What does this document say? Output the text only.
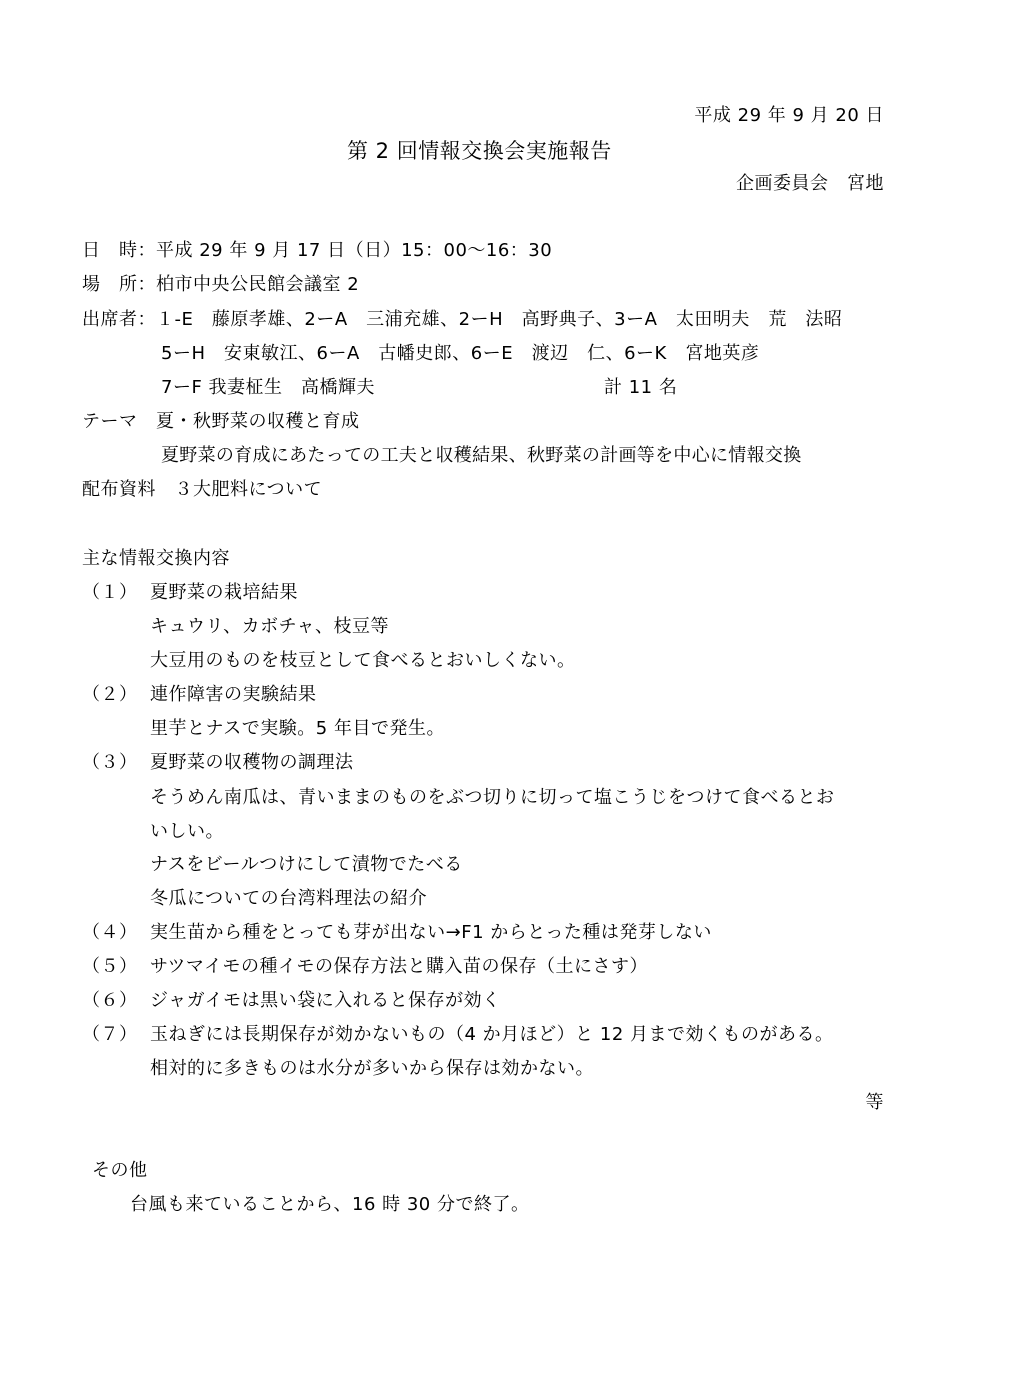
平成 29 年 9 月 20 日
第 2 回情報交換会実施報告
企画委員会　宮地
日　時：平成 29 年 9 月 17 日（日）15：00～16：30
場　所：柏市中央公民館会議室 2
出席者：１-E　藤原孝雄、2ーA　三浦充雄、2ーH　高野典子、3ーA　太田明夫　荒　法昭
5ーH　安東敏江、6ーA　古幡史郎、6ーE　渡辺　仁、6ーK　宮地英彦
7ーF 我妻柾生　高橋輝夫	計 11 名
テーマ　夏・秋野菜の収穫と育成
夏野菜の育成にあたっての工夫と収穫結果、秋野菜の計画等を中心に情報交換
配布資料　３大肥料について
主な情報交換内容
（１） 夏野菜の栽培結果
キュウリ、カボチャ、枝豆等
大豆用のものを枝豆として食べるとおいしくない。
（２） 連作障害の実験結果
里芋とナスで実験。5 年目で発生。
（３） 夏野菜の収穫物の調理法
そうめん南瓜は、青いままのものをぶつ切りに切って塩こうじをつけて食べるとお
いしい。
ナスをビールつけにして漬物でたべる
冬瓜についての台湾料理法の紹介
（４） 実生苗から種をとっても芽が出ない→F1 からとった種は発芽しない
（５） サツマイモの種イモの保存方法と購入苗の保存（土にさす）
（６） ジャガイモは黒い袋に入れると保存が効く
（７） 玉ねぎには長期保存が効かないもの（4 か月ほど）と 12 月まで効くものがある。
相対的に多きものは水分が多いから保存は効かない。
等
その他
台風も来ていることから、16 時 30 分で終了。
